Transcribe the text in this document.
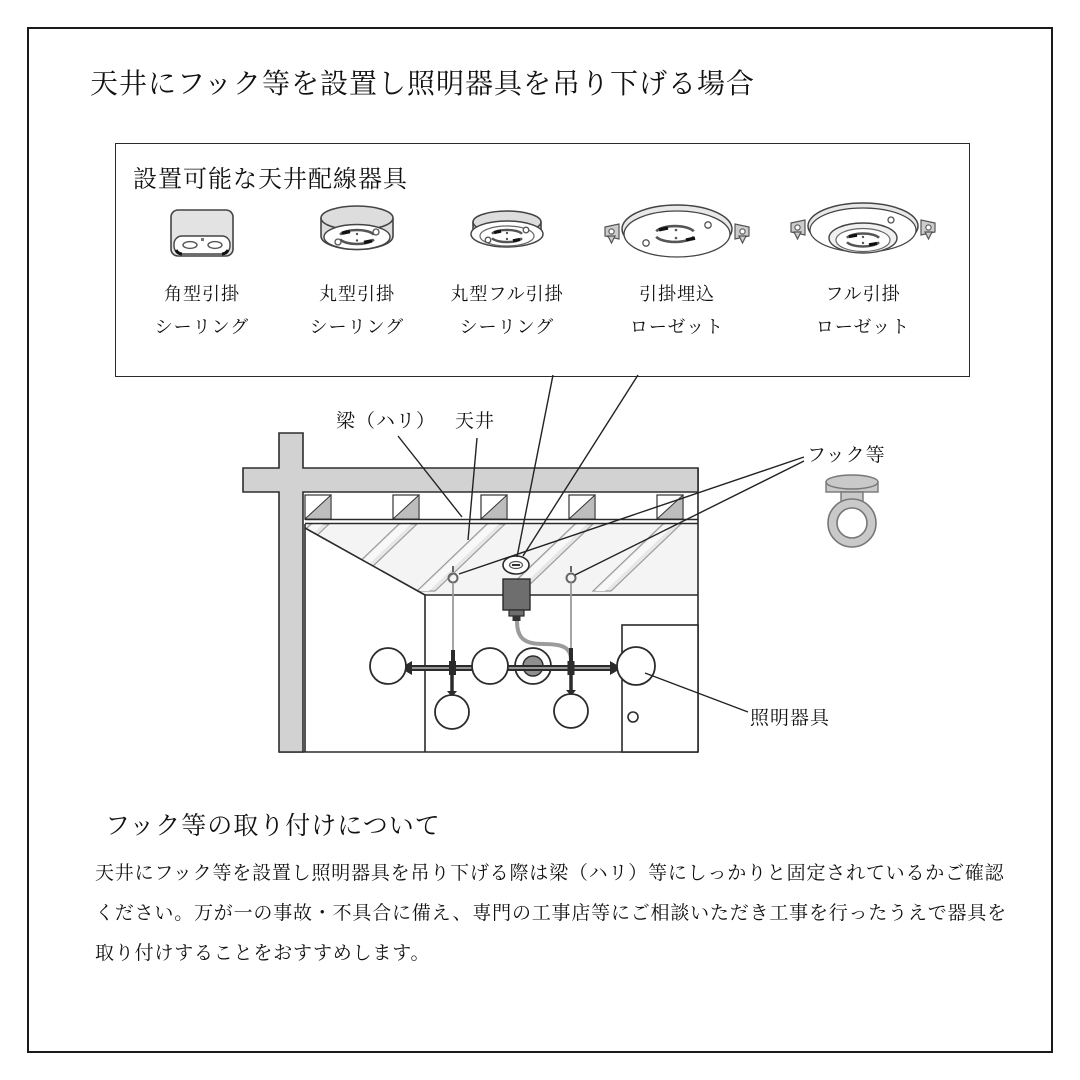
天井にフック等を設置し照明器具を吊り下げる場合
設置可能な天井配線器具
角型引掛
シーリング
丸型引掛
シーリング
丸型フル引掛
シーリング
引掛埋込
ローゼット
フル引掛
ローゼット
梁（ハリ） 天井
フック等
照明器具
フック等の取り付けについて
天井にフック等を設置し照明器具を吊り下げる際は梁（ハリ）等にしっかりと固定されているかご確認
ください。万が一の事故・不具合に備え、専門の工事店等にご相談いただき工事を行ったうえで器具を
取り付けすることをおすすめします。
